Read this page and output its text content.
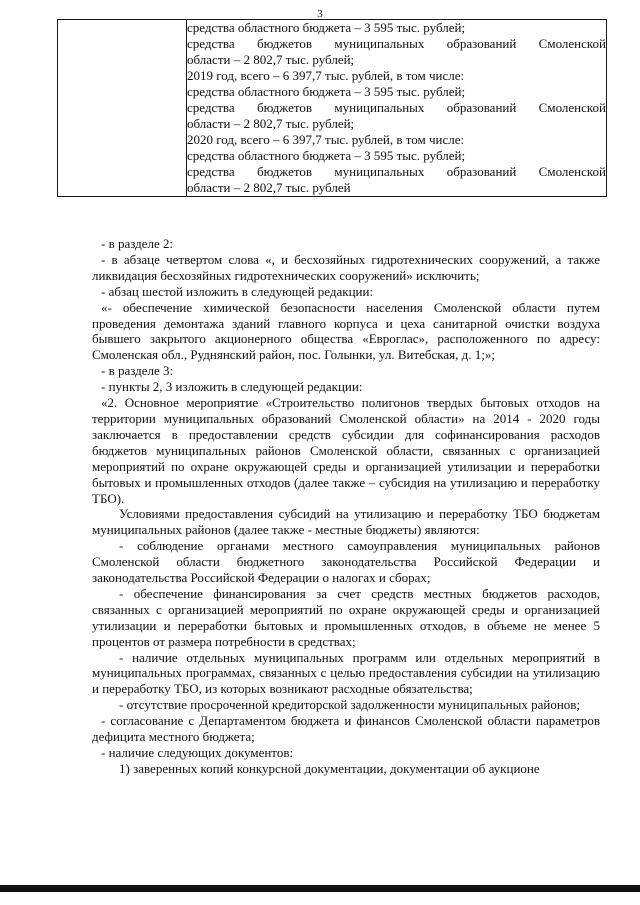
3

средства областного бюджета – 3 595 тыс. рублей;
средства бюджетов муниципальных образований Смоленской
области – 2 802,7 тыс. рублей;
2019 год, всего – 6 397,7 тыс. рублей, в том числе:
средства областного бюджета – 3 595 тыс. рублей;
средства бюджетов муниципальных образований Смоленской
области – 2 802,7 тыс. рублей;
2020 год, всего – 6 397,7 тыс. рублей, в том числе:
средства областного бюджета – 3 595 тыс. рублей;
средства бюджетов муниципальных образований Смоленской
области – 2 802,7 тыс. рублей

- в разделе 2:

- в абзаце четвертом слова «, и бесхозяйных гидротехнических сооружений, а также ликвидация бесхозяйных гидротехнических сооружений» исключить;

- абзац шестой изложить в следующей редакции:

«- обеспечение химической безопасности населения Смоленской области путем проведения демонтажа зданий главного корпуса и цеха санитарной очистки воздуха бывшего закрытого акционерного общества «Евроглас», расположенного по адресу: Смоленская обл., Руднянский район, пос. Голынки, ул. Витебская, д. 1;»;

- в разделе 3:

- пункты 2, 3 изложить в следующей редакции:

«2. Основное мероприятие «Строительство полигонов твердых бытовых отходов на территории муниципальных образований Смоленской области» на 2014 - 2020 годы заключается в предоставлении средств субсидии для софинансирования расходов бюджетов муниципальных районов Смоленской области, связанных с организацией мероприятий по охране окружающей среды и организацией утилизации и переработки бытовых и промышленных отходов (далее также – субсидия на утилизацию и переработку ТБО).

Условиями предоставления субсидий на утилизацию и переработку ТБО бюджетам муниципальных районов (далее также - местные бюджеты) являются:

- соблюдение органами местного самоуправления муниципальных районов Смоленской области бюджетного законодательства Российской Федерации и законодательства Российской Федерации о налогах и сборах;

- обеспечение финансирования за счет средств местных бюджетов расходов, связанных с организацией мероприятий по охране окружающей среды и организацией утилизации и переработки бытовых и промышленных отходов, в объеме не менее 5 процентов от размера потребности в средствах;

- наличие отдельных муниципальных программ или отдельных мероприятий в муниципальных программах, связанных с целью предоставления субсидии на утилизацию и переработку ТБО, из которых возникают расходные обязательства;

- отсутствие просроченной кредиторской задолженности муниципальных районов;

- согласование с Департаментом бюджета и финансов Смоленской области параметров дефицита местного бюджета;

- наличие следующих документов:

1) заверенных копий конкурсной документации, документации об аукционе
